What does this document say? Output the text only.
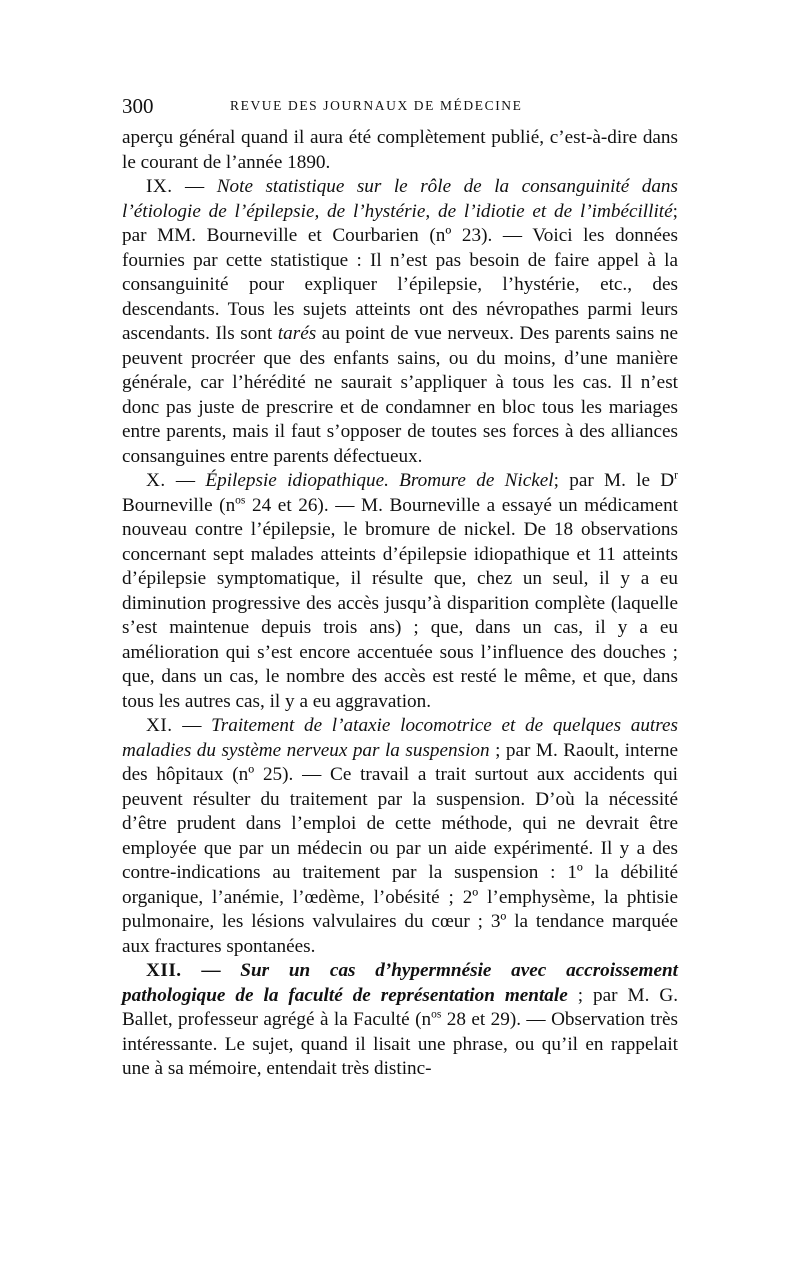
300	REVUE DES JOURNAUX DE MÉDECINE

aperçu général quand il aura été complètement publié, c’est-à-dire dans le courant de l’année 1890.

IX. — Note statistique sur le rôle de la consanguinité dans l’étiologie de l’épilepsie, de l’hystérie, de l’idiotie et de l’imbécillité; par MM. Bourneville et Courbarien (nº 23). — Voici les données fournies par cette statistique : Il n’est pas besoin de faire appel à la consanguinité pour expliquer l’épilepsie, l’hystérie, etc., des descendants. Tous les sujets atteints ont des névropathes parmi leurs ascendants. Ils sont tarés au point de vue nerveux. Des parents sains ne peuvent procréer que des enfants sains, ou du moins, d’une manière générale, car l’hérédité ne saurait s’appliquer à tous les cas. Il n’est donc pas juste de prescrire et de condamner en bloc tous les mariages entre parents, mais il faut s’opposer de toutes ses forces à des alliances consanguines entre parents défectueux.

X. — Épilepsie idiopathique. Bromure de Nickel; par M. le $D^r$ Bourneville ($n^{os}$ 24 et 26). — M. Bourneville a essayé un médicament nouveau contre l’épilepsie, le bromure de nickel. De 18 observations concernant sept malades atteints d’épilepsie idiopathique et 11 atteints d’épilepsie symptomatique, il résulte que, chez un seul, il y a eu diminution progressive des accès jusqu’à disparition complète (laquelle s’est maintenue depuis trois ans) ; que, dans un cas, il y a eu amélioration qui s’est encore accentuée sous l’influence des douches ; que, dans un cas, le nombre des accès est resté le même, et que, dans tous les autres cas, il y a eu aggravation.

XI. — Traitement de l’ataxie locomotrice et de quelques autres maladies du système nerveux par la suspension ; par M. Raoult, interne des hôpitaux (nº 25). — Ce travail a trait surtout aux accidents qui peuvent résulter du traitement par la suspension. D’où la nécessité d’être prudent dans l’emploi de cette méthode, qui ne devrait être employée que par un médecin ou par un aide expérimenté. Il y a des contre-indications au traitement par la suspension : 1º la débilité organique, l’anémie, l’œdème, l’obésité ; 2º l’emphysème, la phtisie pulmonaire, les lésions valvulaires du cœur ; 3º la tendance marquée aux fractures spontanées.

XII. — Sur un cas d’hypermnésie avec accroissement pathologique de la faculté de représentation mentale ; par M. G. Ballet, professeur agrégé à la Faculté ($n^{os}$ 28 et 29). — Observation très intéressante. Le sujet, quand il lisait une phrase, ou qu’il en rappelait une à sa mémoire, entendait très distinc-
